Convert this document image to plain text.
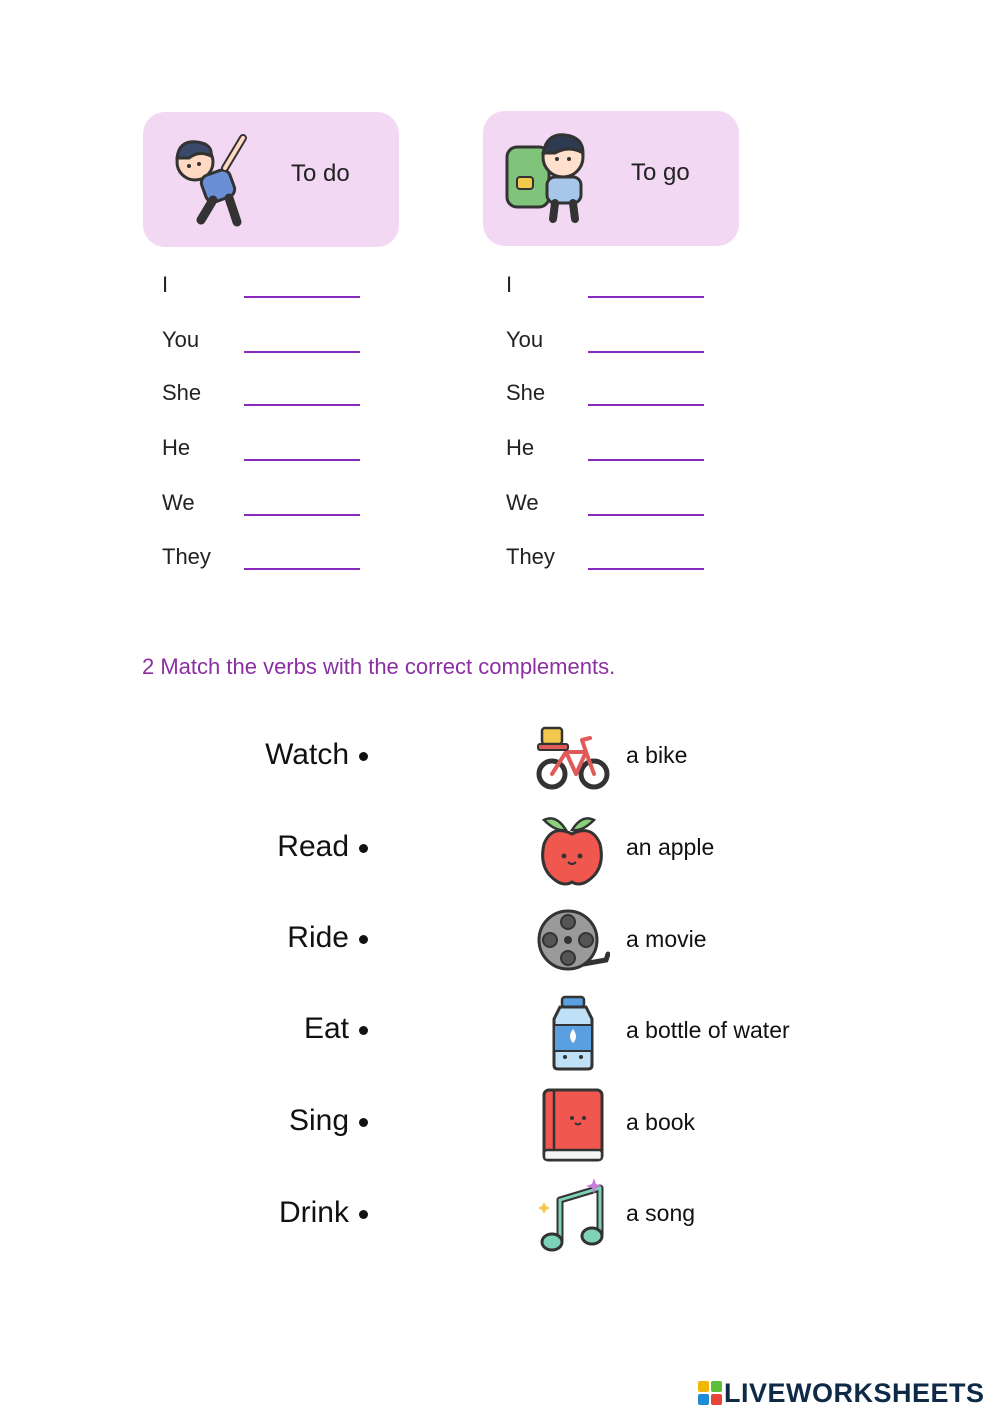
To do	To go
I
You
She
He
We
They
I
You
She
He
We
They
2 Match the verbs with the correct complements.
Watch
Read
Ride
Eat
Sing
Drink
a bike
an apple
a movie
a bottle of water
a book
a song
LIVEWORKSHEETS
